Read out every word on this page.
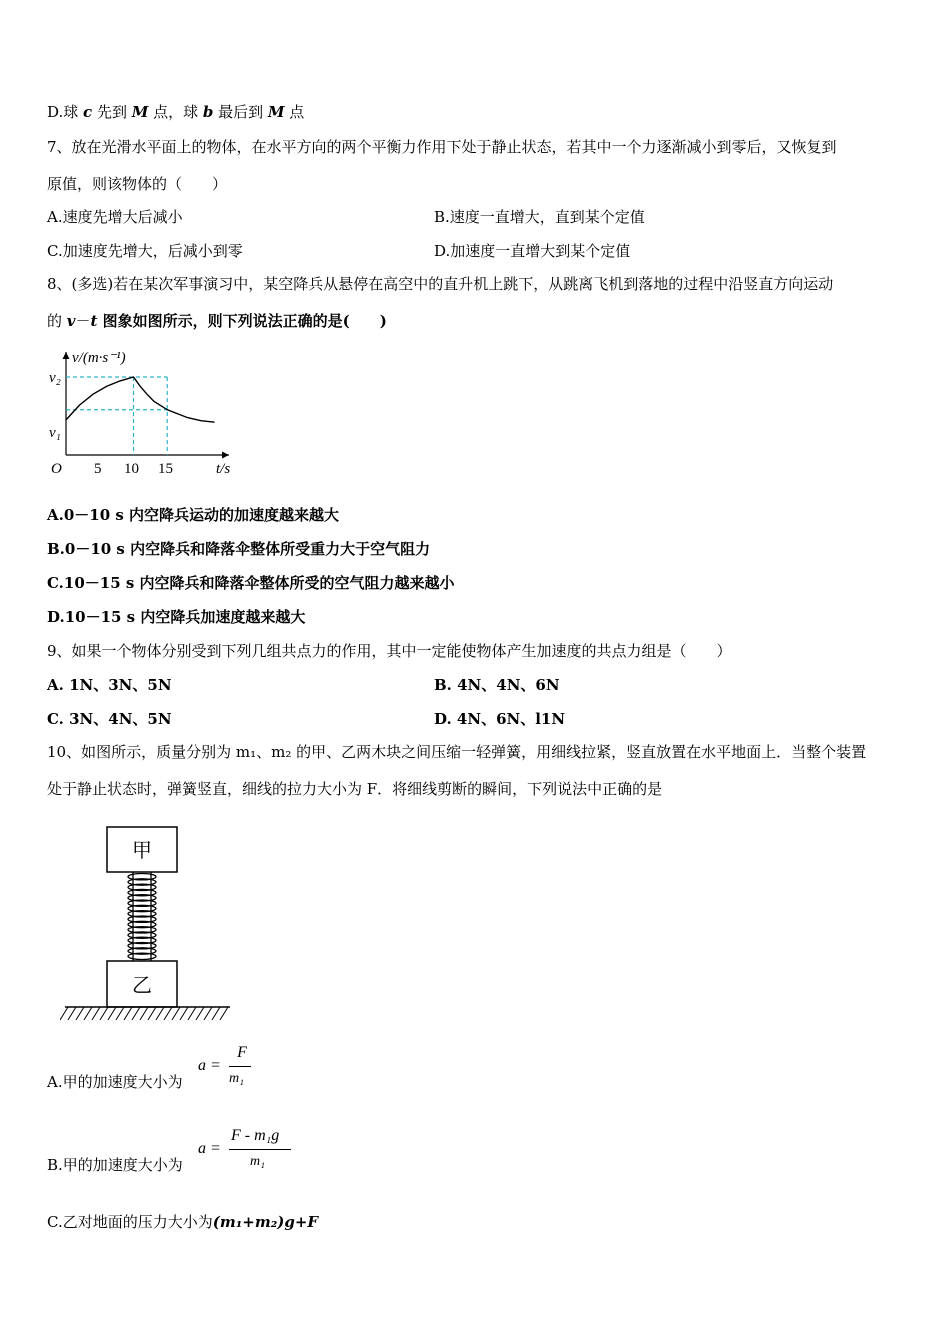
D.球 c 先到 M 点，球 b 最后到 M 点
7、放在光滑水平面上的物体，在水平方向的两个平衡力作用下处于静止状态，若其中一个力逐渐减小到零后，又恢复到
原值，则该物体的（　　）
A.速度先增大后减小	B.速度一直增大，直到某个定值
C.加速度先增大，后减小到零	D.加速度一直增大到某个定值
8、(多选)若在某次军事演习中，某空降兵从悬停在高空中的直升机上跳下，从跳离飞机到落地的过程中沿竖直方向运动
的 v－t 图象如图所示，则下列说法正确的是(　　)
v/(m·s⁻¹)
t/s
O 5 10 15
v₂
v₁
A.0－10 s 内空降兵运动的加速度越来越大
B.0－10 s 内空降兵和降落伞整体所受重力大于空气阻力
C.10－15 s 内空降兵和降落伞整体所受的空气阻力越来越小
D.10－15 s 内空降兵加速度越来越大
9、如果一个物体分别受到下列几组共点力的作用，其中一定能使物体产生加速度的共点力组是（　　）
A. 1N、3N、5N	B. 4N、4N、6N
C. 3N、4N、5N	D. 4N、6N、l1N
10、如图所示，质量分别为 m₁、m₂ 的甲、乙两木块之间压缩一轻弹簧，用细线拉紧，竖直放置在水平地面上．当整个装置
处于静止状态时，弹簧竖直，细线的拉力大小为 F．将细线剪断的瞬间，下列说法中正确的是
甲
乙
A.甲的加速度大小为
a =
F
m₁
B.甲的加速度大小为
a =
F - m₁g
m₁
C.乙对地面的压力大小为(m₁+m₂)g+F
